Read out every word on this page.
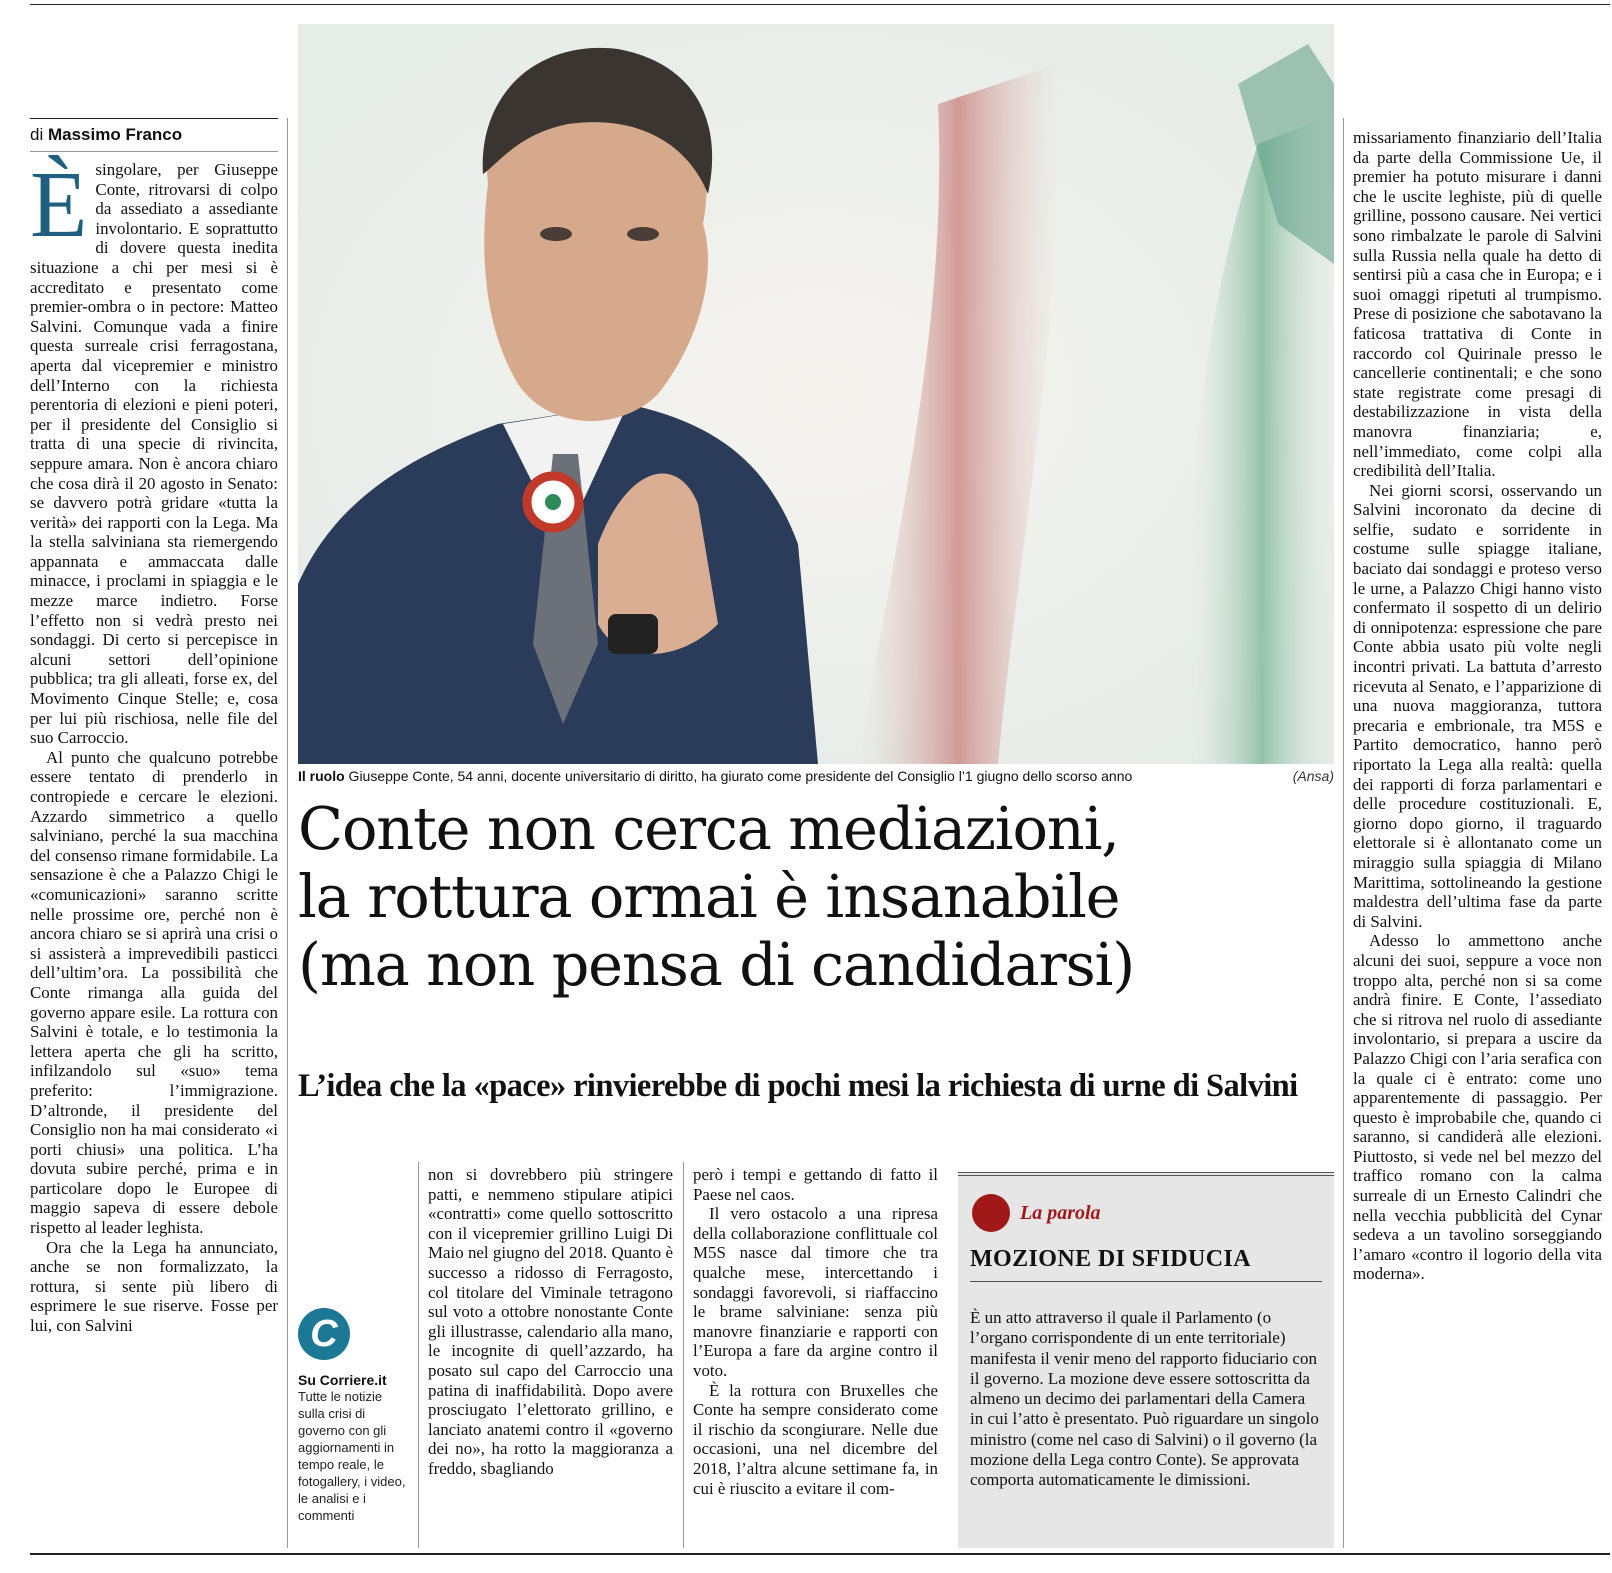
di Massimo Franco

È singolare, per Giuseppe Conte, ritrovarsi di colpo da assediato a assediante involontario. E soprattutto di dovere questa inedita situazione a chi per mesi si è accreditato e presentato come premier-ombra o in pectore: Matteo Salvini. Comunque vada a finire questa surreale crisi ferragostana, aperta dal vicepremier e ministro dell’Interno con la richiesta perentoria di elezioni e pieni poteri, per il presidente del Consiglio si tratta di una specie di rivincita, seppure amara. Non è ancora chiaro che cosa dirà il 20 agosto in Senato: se davvero potrà gridare «tutta la verità» dei rapporti con la Lega. Ma la stella salviniana sta riemergendo appannata e ammaccata dalle minacce, i proclami in spiaggia e le mezze marce indietro. Forse l’effetto non si vedrà presto nei sondaggi. Di certo si percepisce in alcuni settori dell’opinione pubblica; tra gli alleati, forse ex, del Movimento Cinque Stelle; e, cosa per lui più rischiosa, nelle file del suo Carroccio.

Al punto che qualcuno potrebbe essere tentato di prenderlo in contropiede e cercare le elezioni. Azzardo simmetrico a quello salviniano, perché la sua macchina del consenso rimane formidabile. La sensazione è che a Palazzo Chigi le «comunicazioni» saranno scritte nelle prossime ore, perché non è ancora chiaro se si aprirà una crisi o si assisterà a imprevedibili pasticci dell’ultim’ora. La possibilità che Conte rimanga alla guida del governo appare esile. La rottura con Salvini è totale, e lo testimonia la lettera aperta che gli ha scritto, infilzandolo sul «suo» tema preferito: l’immigrazione. D’altronde, il presidente del Consiglio non ha mai considerato «i porti chiusi» una politica. L’ha dovuta subire perché, prima e in particolare dopo le Europee di maggio sapeva di essere debole rispetto al leader leghista.

Ora che la Lega ha annunciato, anche se non formalizzato, la rottura, si sente più libero di esprimere le sue riserve. Fosse per lui, con Salvini

Il ruolo Giuseppe Conte, 54 anni, docente universitario di diritto, ha giurato come presidente del Consiglio l’1 giugno dello scorso anno	(Ansa)
Conte non cerca mediazioni,
la rottura ormai è insanabile
(ma non pensa di candidarsi)
L’idea che la «pace» rinvierebbe di pochi mesi la richiesta di urne di Salvini
C
Su Corriere.it
Tutte le notizie sulla crisi di governo con gli aggiornamenti in tempo reale, le fotogallery, i video, le analisi e i commenti

non si dovrebbero più stringere patti, e nemmeno stipulare atipici «contratti» come quello sottoscritto con il vicepremier grillino Luigi Di Maio nel giugno del 2018. Quanto è successo a ridosso di Ferragosto, col titolare del Viminale tetragono sul voto a ottobre nonostante Conte gli illustrasse, calendario alla mano, le incognite di quell’azzardo, ha posato sul capo del Carroccio una patina di inaffidabilità. Dopo avere prosciugato l’elettorato grillino, e lanciato anatemi contro il «governo dei no», ha rotto la maggioranza a freddo, sbagliando

però i tempi e gettando di fatto il Paese nel caos.

Il vero ostacolo a una ripresa della collaborazione conflittuale col M5S nasce dal timore che tra qualche mese, intercettando i sondaggi favorevoli, si riaffaccino le brame salviniane: senza più manovre finanziarie e rapporti con l’Europa a fare da argine contro il voto.

È la rottura con Bruxelles che Conte ha sempre considerato come il rischio da scongiurare. Nelle due occasioni, una nel dicembre del 2018, l’altra alcune settimane fa, in cui è riuscito a evitare il com-

La parola
MOZIONE DI SFIDUCIA
È un atto attraverso il quale il Parlamento (o l’organo corrispondente di un ente territoriale) manifesta il venir meno del rapporto fiduciario con il governo. La mozione deve essere sottoscritta da almeno un decimo dei parlamentari della Camera in cui l’atto è presentato. Può riguardare un singolo ministro (come nel caso di Salvini) o il governo (la mozione della Lega contro Conte). Se approvata comporta automaticamente le dimissioni.

missariamento finanziario dell’Italia da parte della Commissione Ue, il premier ha potuto misurare i danni che le uscite leghiste, più di quelle grilline, possono causare. Nei vertici sono rimbalzate le parole di Salvini sulla Russia nella quale ha detto di sentirsi più a casa che in Europa; e i suoi omaggi ripetuti al trumpismo. Prese di posizione che sabotavano la faticosa trattativa di Conte in raccordo col Quirinale presso le cancellerie continentali; e che sono state registrate come presagi di destabilizzazione in vista della manovra finanziaria; e, nell’immediato, come colpi alla credibilità dell’Italia.

Nei giorni scorsi, osservando un Salvini incoronato da decine di selfie, sudato e sorridente in costume sulle spiagge italiane, baciato dai sondaggi e proteso verso le urne, a Palazzo Chigi hanno visto confermato il sospetto di un delirio di onnipotenza: espressione che pare Conte abbia usato più volte negli incontri privati. La battuta d’arresto ricevuta al Senato, e l’apparizione di una nuova maggioranza, tuttora precaria e embrionale, tra M5S e Partito democratico, hanno però riportato la Lega alla realtà: quella dei rapporti di forza parlamentari e delle procedure costituzionali. E, giorno dopo giorno, il traguardo elettorale si è allontanato come un miraggio sulla spiaggia di Milano Marittima, sottolineando la gestione maldestra dell’ultima fase da parte di Salvini.

Adesso lo ammettono anche alcuni dei suoi, seppure a voce non troppo alta, perché non si sa come andrà finire. E Conte, l’assediato che si ritrova nel ruolo di assediante involontario, si prepara a uscire da Palazzo Chigi con l’aria serafica con la quale ci è entrato: come uno apparentemente di passaggio. Per questo è improbabile che, quando ci saranno, si candiderà alle elezioni. Piuttosto, si vede nel bel mezzo del traffico romano con la calma surreale di un Ernesto Calindri che nella vecchia pubblicità del Cynar sedeva a un tavolino sorseggiando l’amaro «contro il logorio della vita moderna».
